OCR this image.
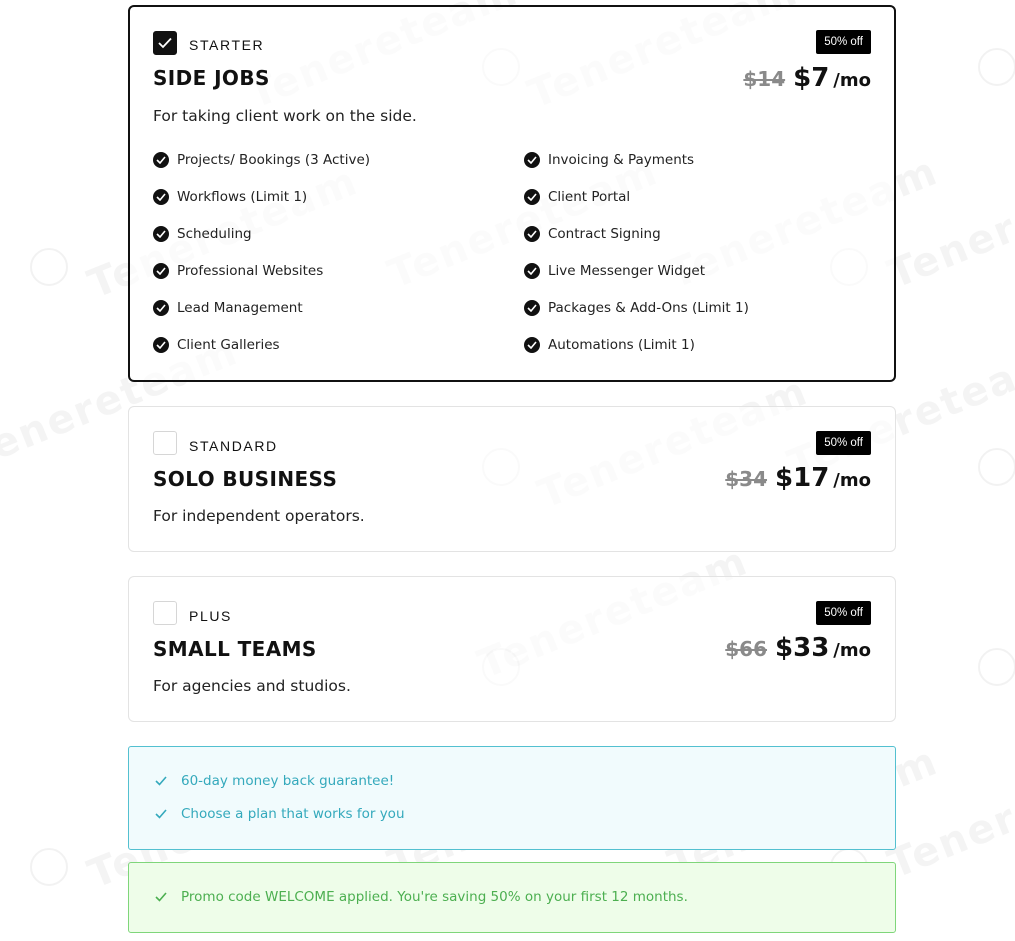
STARTER
SIDE JOBS
For taking client work on the side.
50% off
$14 $7 /mo
Projects/ Bookings (3 Active)
Workflows (Limit 1)
Scheduling
Professional Websites
Lead Management
Client Galleries
Invoicing & Payments
Client Portal
Contract Signing
Live Messenger Widget
Packages & Add-Ons (Limit 1)
Automations (Limit 1)
STANDARD
SOLO BUSINESS
For independent operators.
50% off
$34 $17 /mo
PLUS
SMALL TEAMS
For agencies and studios.
50% off
$66 $33 /mo
60-day money back guarantee!
Choose a plan that works for you
Promo code WELCOME applied. You're saving 50% on your first 12 months.
